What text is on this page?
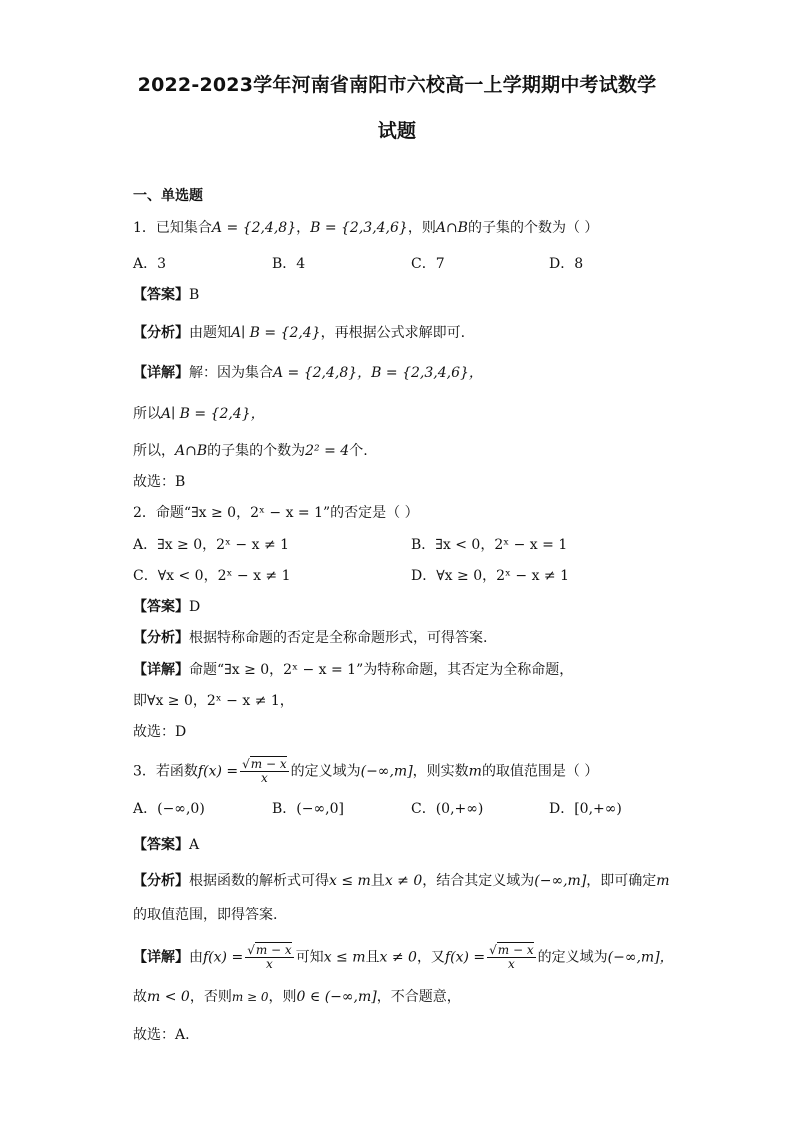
2022-2023学年河南省南阳市六校高一上学期期中考试数学
试题
一、单选题
1．已知集合A = {2,4,8}，B = {2,3,4,6}，则A∩B的子集的个数为（ ）
A．3	B．4	C．7	D．8
【答案】B
【分析】由题知A∣ B = {2,4}，再根据公式求解即可.
【详解】解：因为集合A = {2,4,8}，B = {2,3,4,6}，
所以A∣ B = {2,4}，
所以，A∩B的子集的个数为2² = 4个.
故选：B
2．命题“∃x ≥ 0，2ˣ − x = 1”的否定是（ ）
A．∃x ≥ 0，2ˣ − x ≠ 1	B．∃x < 0，2ˣ − x = 1
C．∀x < 0，2ˣ − x ≠ 1	D．∀x ≥ 0，2ˣ − x ≠ 1
【答案】D
【分析】根据特称命题的否定是全称命题形式，可得答案.
【详解】命题“∃x ≥ 0，2ˣ − x = 1”为特称命题，其否定为全称命题，
即∀x ≥ 0，2ˣ − x ≠ 1，
故选：D
3．若函数$f(x) = \frac{√m - x}{x}$ 的定义域为(−∞,m]，则实数m的取值范围是（ ）
A．(−∞,0)	B．(−∞,0]	C．(0,+∞)	D．[0,+∞)
【答案】A
【分析】根据函数的解析式可得x ≤ m且x ≠ 0，结合其定义域为(−∞,m]，即可确定m
的取值范围，即得答案.
【详解】由$f(x) = \frac{√m - x}{x}$ 可知x ≤ m且x ≠ 0，又$f(x) = \frac{√m - x}{x}$ 的定义域为(−∞,m]，
故m < 0，否则m ≥ 0，则0 ∈ (−∞,m]，不合题意，
故选：A.
